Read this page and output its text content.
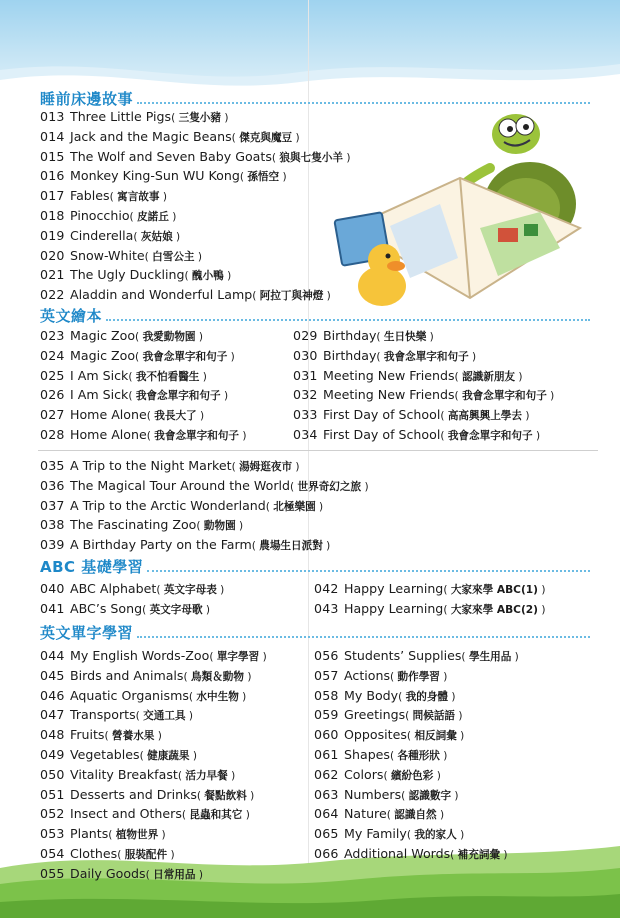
睡前床邊故事
013 Three Little Pigs ( 三隻小豬 )
014 Jack and the Magic Beans ( 傑克與魔豆 )
015 The Wolf and Seven Baby Goats ( 狼與七隻小羊 )
016 Monkey King-Sun WU Kong ( 孫悟空 )
017 Fables ( 寓言故事 )
018 Pinocchio ( 皮諾丘 )
019 Cinderella ( 灰姑娘 )
020 Snow-White ( 白雪公主 )
021 The Ugly Duckling ( 醜小鴨 )
022 Aladdin and Wonderful Lamp ( 阿拉丁與神燈 )
英文繪本
023 Magic Zoo ( 我愛動物園 )
024 Magic Zoo ( 我會念單字和句子 )
025 I Am Sick ( 我不怕看醫生 )
026 I Am Sick ( 我會念單字和句子 )
027 Home Alone ( 我長大了 )
028 Home Alone ( 我會念單字和句子 )
029 Birthday ( 生日快樂 )
030 Birthday ( 我會念單字和句子 )
031 Meeting New Friends ( 認識新朋友 )
032 Meeting New Friends ( 我會念單字和句子 )
033 First Day of School ( 高高興興上學去 )
034 First Day of School ( 我會念單字和句子 )
035 A Trip to the Night Market ( 湯姆逛夜市 )
036 The Magical Tour Around the World ( 世界奇幻之旅 )
037 A Trip to the Arctic Wonderland ( 北極樂園 )
038 The Fascinating Zoo ( 動物園 )
039 A Birthday Party on the Farm ( 農場生日派對 )
ABC 基礎學習
040 ABC Alphabet ( 英文字母表 )
041 ABC’s Song ( 英文字母歌 )
042 Happy Learning ( 大家來學 ABC(1) )
043 Happy Learning ( 大家來學 ABC(2) )
英文單字學習
044 My English Words-Zoo ( 單字學習 )
045 Birds and Animals ( 鳥類＆動物 )
046 Aquatic Organisms ( 水中生物 )
047 Transports ( 交通工具 )
048 Fruits ( 營養水果 )
049 Vegetables ( 健康蔬果 )
050 Vitality Breakfast ( 活力早餐 )
051 Desserts and Drinks ( 餐點飲料 )
052 Insect and Others ( 昆蟲和其它 )
053 Plants ( 植物世界 )
054 Clothes ( 服裝配件 )
055 Daily Goods ( 日常用品 )
056 Students’ Supplies ( 學生用品 )
057 Actions ( 動作學習 )
058 My Body ( 我的身體 )
059 Greetings ( 問候話語 )
060 Opposites ( 相反詞彙 )
061 Shapes ( 各種形狀 )
062 Colors ( 繽紛色彩 )
063 Numbers ( 認識數字 )
064 Nature ( 認識自然 )
065 My Family ( 我的家人 )
066 Additional Words ( 補充詞彙 )
